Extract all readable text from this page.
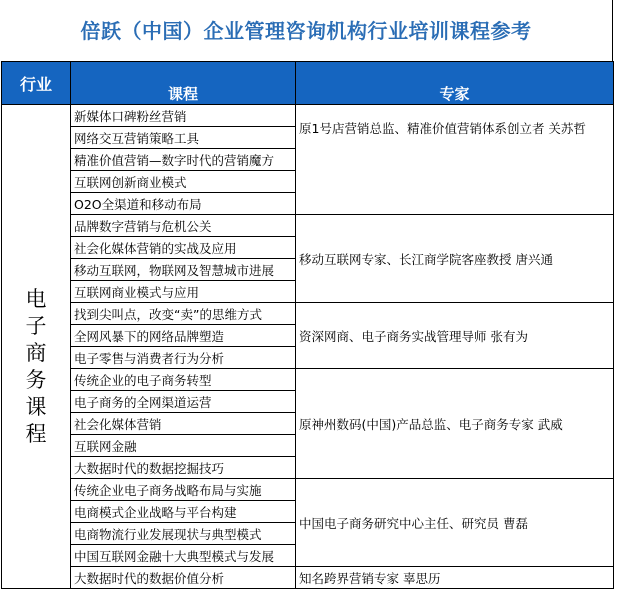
倍跃（中国）企业管理咨询机构行业培训课程参考
行业		
	课程	专家
电子商务课程	新媒体口碑粉丝营销	原1号店营销总监、精准价值营销体系创立者 关苏哲
	网络交互营销策略工具	
	精准价值营销—数字时代的营销魔方	
	互联网创新商业模式	
	O2O全渠道和移动布局	
	品牌数字营销与危机公关	移动互联网专家、长江商学院客座教授 唐兴通
	社会化媒体营销的实战及应用	
	移动互联网，物联网及智慧城市进展	
	互联网商业模式与应用	
	找到尖叫点，改变“卖”的思维方式	资深网商、电子商务实战管理导师 张有为
	全网风暴下的网络品牌塑造	
	电子零售与消费者行为分析	
	传统企业的电子商务转型	原神州数码(中国)产品总监、电子商务专家 武威
	电子商务的全网渠道运营	
	社会化媒体营销	
	互联网金融	
	大数据时代的数据挖掘技巧	
	传统企业电子商务战略布局与实施	中国电子商务研究中心主任、研究员 曹磊
	电商模式企业战略与平台构建	
	电商物流行业发展现状与典型模式	
	中国互联网金融十大典型模式与发展	
	大数据时代的数据价值分析	知名跨界营销专家 辜思历
